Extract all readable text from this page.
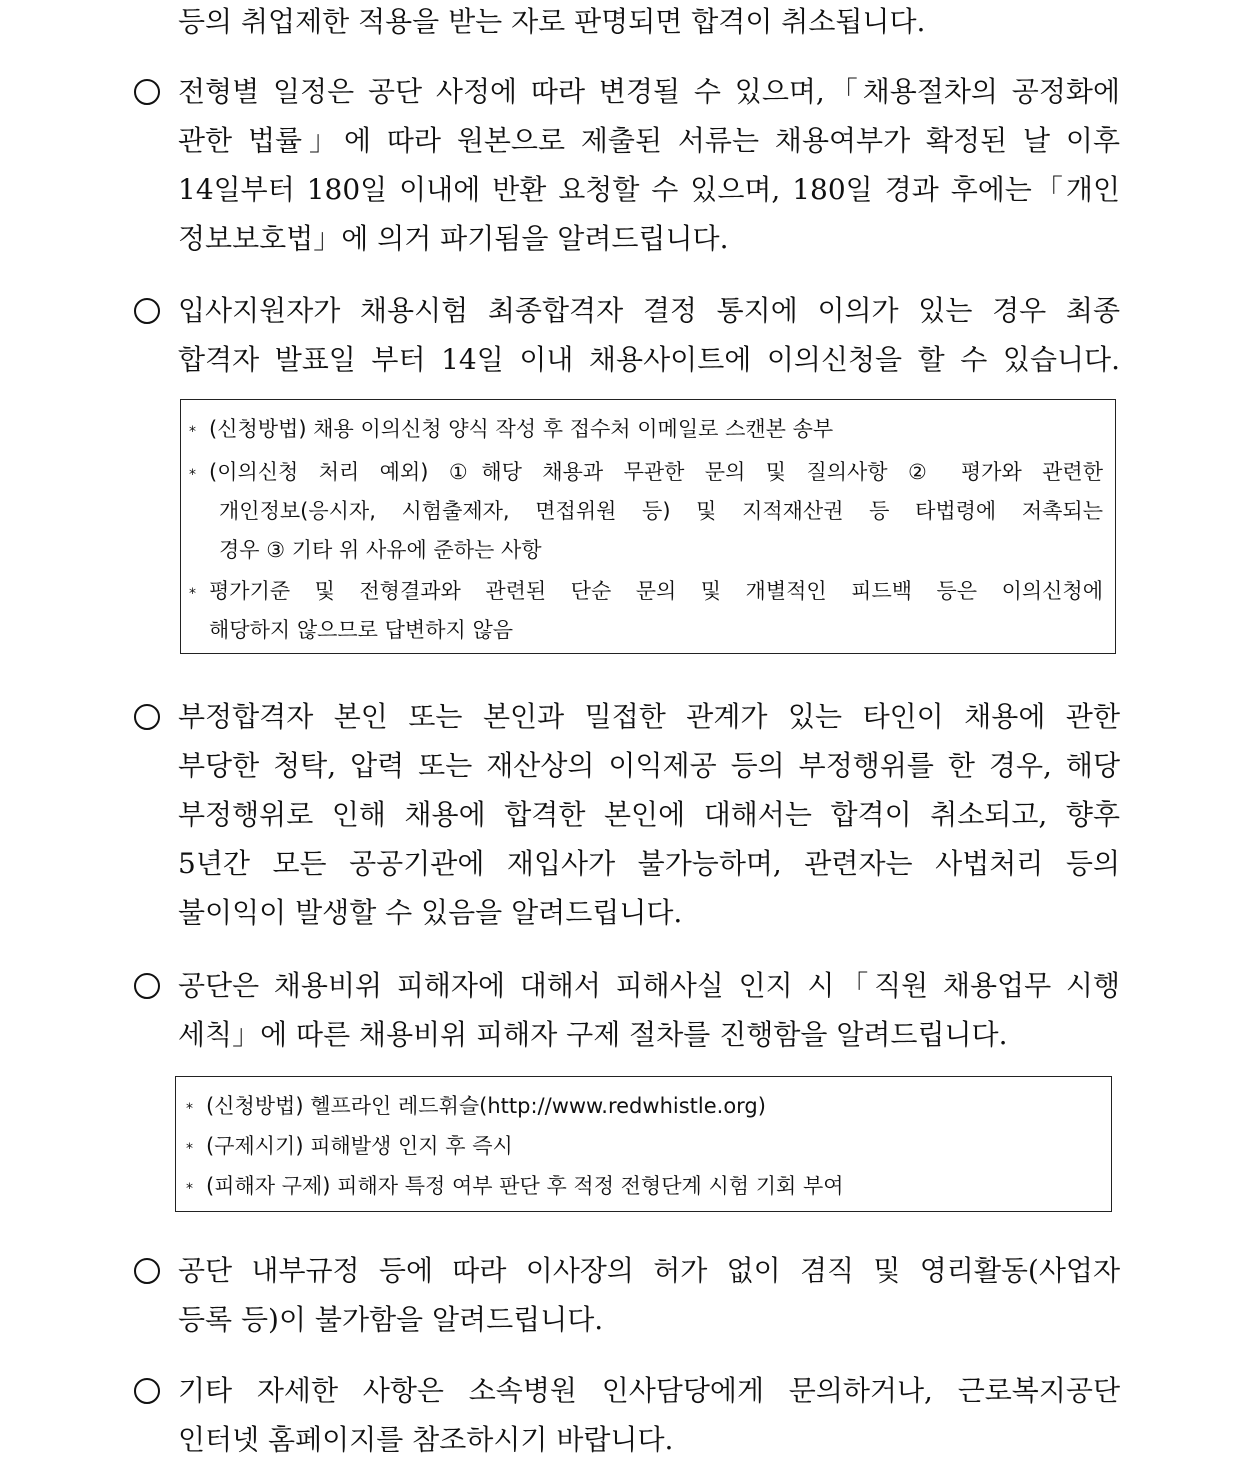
등의 취업제한 적용을 받는 자로 판명되면 합격이 취소됩니다.
전형별 일정은 공단 사정에 따라 변경될 수 있으며,「채용절차의 공정화에
관한 법률」에 따라 원본으로 제출된 서류는 채용여부가 확정된 날 이후
14일부터 180일 이내에 반환 요청할 수 있으며, 180일 경과 후에는「개인
정보보호법」에 의거 파기됨을 알려드립니다.
입사지원자가 채용시험 최종합격자 결정 통지에 이의가 있는 경우 최종
합격자 발표일 부터 14일 이내 채용사이트에 이의신청을 할 수 있습니다.
* (신청방법) 채용 이의신청 양식 작성 후 접수처 이메일로 스캔본 송부
* (이의신청 처리 예외) ①해당 채용과 무관한 문의 및 질의사항 ② 평가와 관련한
개인정보(응시자, 시험출제자, 면접위원 등) 및 지적재산권 등 타법령에 저촉되는
경우 ③ 기타 위 사유에 준하는 사항
* 평가기준 및 전형결과와 관련된 단순 문의 및 개별적인 피드백 등은 이의신청에
해당하지 않으므로 답변하지 않음
부정합격자 본인 또는 본인과 밀접한 관계가 있는 타인이 채용에 관한
부당한 청탁, 압력 또는 재산상의 이익제공 등의 부정행위를 한 경우, 해당
부정행위로 인해 채용에 합격한 본인에 대해서는 합격이 취소되고, 향후
5년간 모든 공공기관에 재입사가 불가능하며, 관련자는 사법처리 등의
불이익이 발생할 수 있음을 알려드립니다.
공단은 채용비위 피해자에 대해서 피해사실 인지 시「직원 채용업무 시행
세칙」에 따른 채용비위 피해자 구제 절차를 진행함을 알려드립니다.
* (신청방법) 헬프라인 레드휘슬(http://www.redwhistle.org)
* (구제시기) 피해발생 인지 후 즉시
* (피해자 구제) 피해자 특정 여부 판단 후 적정 전형단계 시험 기회 부여
공단 내부규정 등에 따라 이사장의 허가 없이 겸직 및 영리활동(사업자
등록 등)이 불가함을 알려드립니다.
기타 자세한 사항은 소속병원 인사담당에게 문의하거나, 근로복지공단
인터넷 홈페이지를 참조하시기 바랍니다.
